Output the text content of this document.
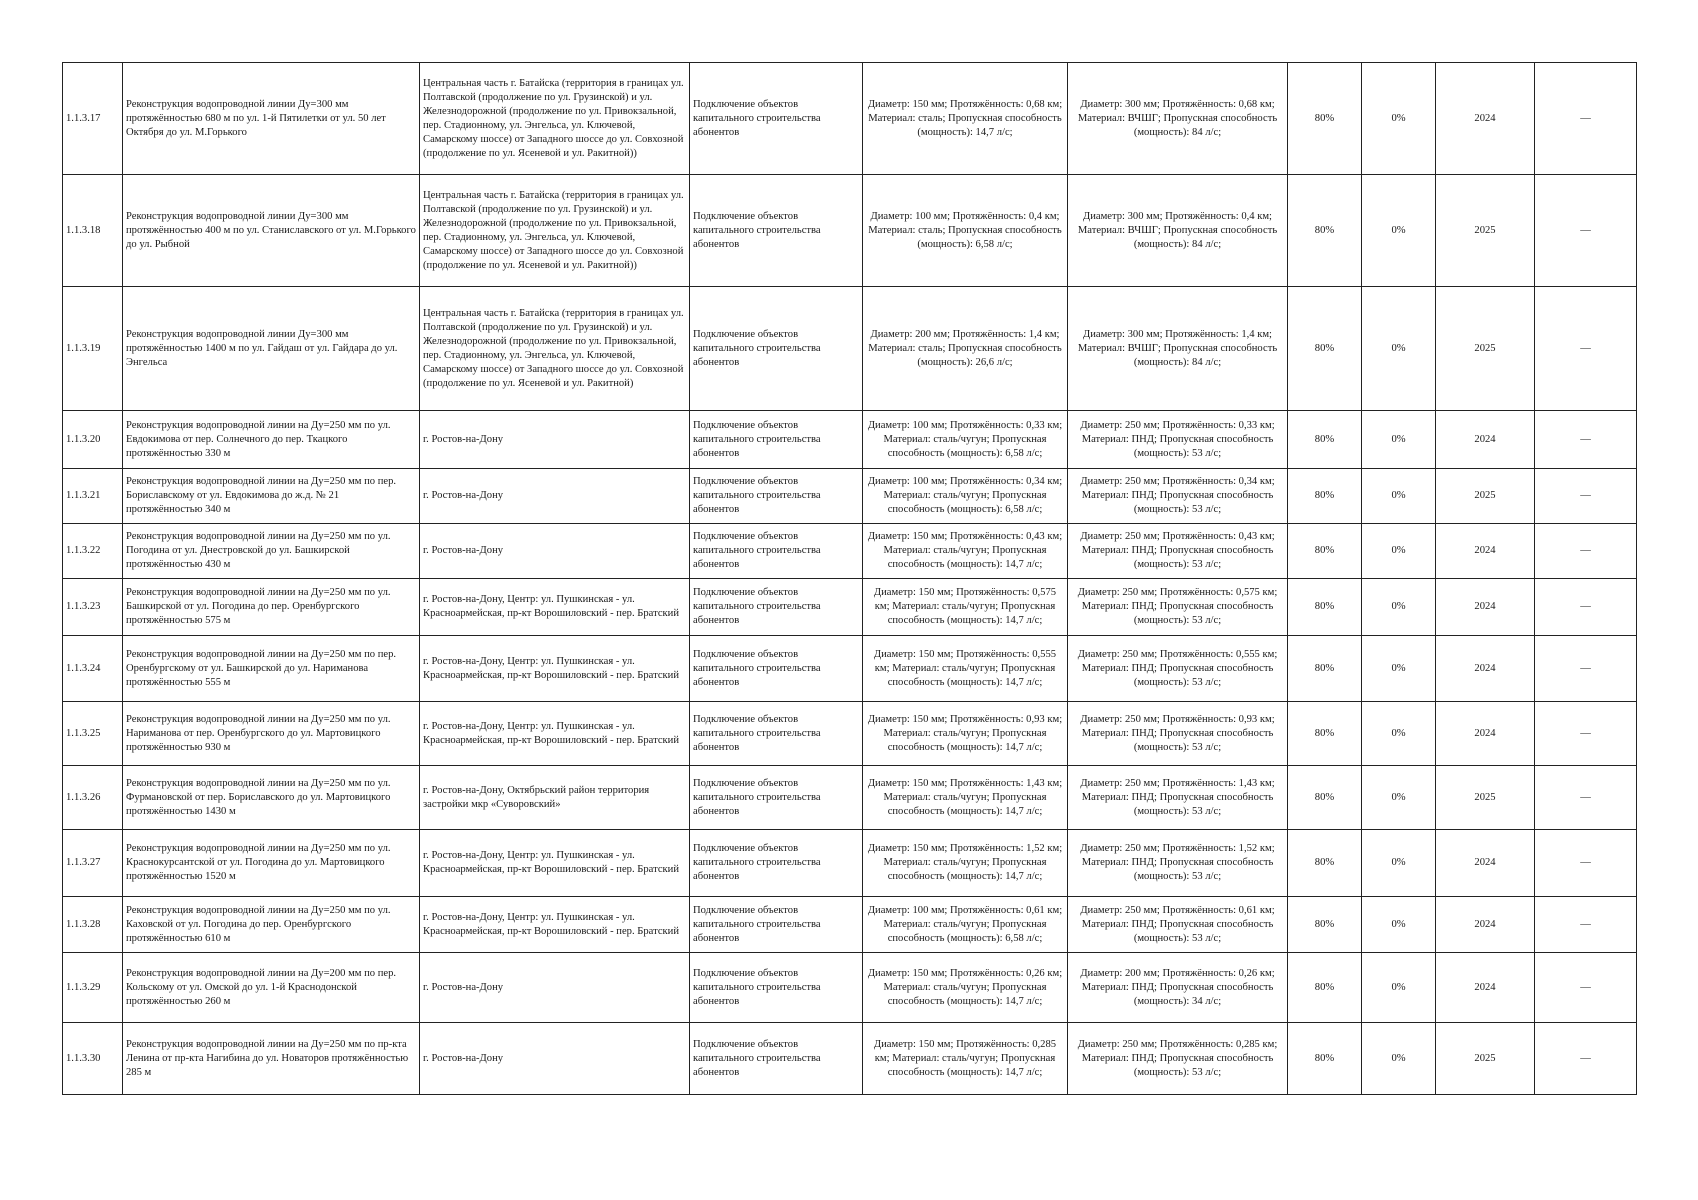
1.1.3.17	Реконструкция водопроводной линии Ду=300 мм протяжённостью 680 м по ул. 1-й Пятилетки от ул. 50 лет Октября до ул. М.Горького	Центральная часть г. Батайска (территория в границах ул. Полтавской (продолжение по ул. Грузинской) и ул. Железнодорожной (продолжение по ул. Привокзальной, пер. Стадионному, ул. Энгельса, ул. Ключевой, Самарскому шоссе) от Западного шоссе до ул. Совхозной (продолжение по ул. Ясеневой и ул. Ракитной))	Подключение объектов капитального строительства абонентов	Диаметр: 150 мм; Протяжённость: 0,68 км; Материал: сталь; Пропускная способность (мощность): 14,7 л/с;	Диаметр: 300 мм; Протяжённость: 0,68 км; Материал: ВЧШГ; Пропускная способность (мощность): 84 л/с;	80%	0%	2024	—
1.1.3.18	Реконструкция водопроводной линии Ду=300 мм протяжённостью 400 м по ул. Станиславского от ул. М.Горького до ул. Рыбной	Центральная часть г. Батайска (территория в границах ул. Полтавской (продолжение по ул. Грузинской) и ул. Железнодорожной (продолжение по ул. Привокзальной, пер. Стадионному, ул. Энгельса, ул. Ключевой, Самарскому шоссе) от Западного шоссе до ул. Совхозной (продолжение по ул. Ясеневой и ул. Ракитной))	Подключение объектов капитального строительства абонентов	Диаметр: 100 мм; Протяжённость: 0,4 км; Материал: сталь; Пропускная способность (мощность): 6,58 л/с;	Диаметр: 300 мм; Протяжённость: 0,4 км; Материал: ВЧШГ; Пропускная способность (мощность): 84 л/с;	80%	0%	2025	—
1.1.3.19	Реконструкция водопроводной линии Ду=300 мм протяжённостью 1400 м по ул. Гайдаш от ул. Гайдара до ул. Энгельса	Центральная часть г. Батайска (территория в границах ул. Полтавской (продолжение по ул. Грузинской) и ул. Железнодорожной (продолжение по ул. Привокзальной, пер. Стадионному, ул. Энгельса, ул. Ключевой, Самарскому шоссе) от Западного шоссе до ул. Совхозной (продолжение по ул. Ясеневой и ул. Ракитной)	Подключение объектов капитального строительства абонентов	Диаметр: 200 мм; Протяжённость: 1,4 км; Материал: сталь; Пропускная способность (мощность): 26,6 л/с;	Диаметр: 300 мм; Протяжённость: 1,4 км; Материал: ВЧШГ; Пропускная способность (мощность): 84 л/с;	80%	0%	2025	—
1.1.3.20	Реконструкция водопроводной линии на Ду=250 мм по ул. Евдокимова от пер. Солнечного до пер. Ткацкого протяжённостью 330 м	г. Ростов-на-Дону	Подключение объектов капитального строительства абонентов	Диаметр: 100 мм; Протяжённость: 0,33 км; Материал: сталь/чугун; Пропускная способность (мощность): 6,58 л/с;	Диаметр: 250 мм; Протяжённость: 0,33 км; Материал: ПНД; Пропускная способность (мощность): 53 л/с;	80%	0%	2024	—
1.1.3.21	Реконструкция водопроводной линии на Ду=250 мм по пер. Бориславскому от ул. Евдокимова до ж.д. № 21 протяжённостью 340 м	г. Ростов-на-Дону	Подключение объектов капитального строительства абонентов	Диаметр: 100 мм; Протяжённость: 0,34 км; Материал: сталь/чугун; Пропускная способность (мощность): 6,58 л/с;	Диаметр: 250 мм; Протяжённость: 0,34 км; Материал: ПНД; Пропускная способность (мощность): 53 л/с;	80%	0%	2025	—
1.1.3.22	Реконструкция водопроводной линии на Ду=250 мм по ул. Погодина от ул. Днестровской до ул. Башкирской протяжённостью 430 м	г. Ростов-на-Дону	Подключение объектов капитального строительства абонентов	Диаметр: 150 мм; Протяжённость: 0,43 км; Материал: сталь/чугун; Пропускная способность (мощность): 14,7 л/с;	Диаметр: 250 мм; Протяжённость: 0,43 км; Материал: ПНД; Пропускная способность (мощность): 53 л/с;	80%	0%	2024	—
1.1.3.23	Реконструкция водопроводной линии на Ду=250 мм по ул. Башкирской от ул. Погодина до пер. Оренбургского протяжённостью 575 м	г. Ростов-на-Дону, Центр: ул. Пушкинская - ул. Красноармейская, пр-кт Ворошиловский - пер. Братский	Подключение объектов капитального строительства абонентов	Диаметр: 150 мм; Протяжённость: 0,575 км; Материал: сталь/чугун; Пропускная способность (мощность): 14,7 л/с;	Диаметр: 250 мм; Протяжённость: 0,575 км; Материал: ПНД; Пропускная способность (мощность): 53 л/с;	80%	0%	2024	—
1.1.3.24	Реконструкция водопроводной линии на Ду=250 мм по пер. Оренбургскому от ул. Башкирской до ул. Нариманова протяжённостью 555 м	г. Ростов-на-Дону, Центр: ул. Пушкинская - ул. Красноармейская, пр-кт Ворошиловский - пер. Братский	Подключение объектов капитального строительства абонентов	Диаметр: 150 мм; Протяжённость: 0,555 км; Материал: сталь/чугун; Пропускная способность (мощность): 14,7 л/с;	Диаметр: 250 мм; Протяжённость: 0,555 км; Материал: ПНД; Пропускная способность (мощность): 53 л/с;	80%	0%	2024	—
1.1.3.25	Реконструкция водопроводной линии на Ду=250 мм по ул. Нариманова от пер. Оренбургского до ул. Мартовицкого протяжённостью 930 м	г. Ростов-на-Дону, Центр: ул. Пушкинская - ул. Красноармейская, пр-кт Ворошиловский - пер. Братский	Подключение объектов капитального строительства абонентов	Диаметр: 150 мм; Протяжённость: 0,93 км; Материал: сталь/чугун; Пропускная способность (мощность): 14,7 л/с;	Диаметр: 250 мм; Протяжённость: 0,93 км; Материал: ПНД; Пропускная способность (мощность): 53 л/с;	80%	0%	2024	—
1.1.3.26	Реконструкция водопроводной линии на Ду=250 мм по ул. Фурмановской от пер. Бориславского до ул. Мартовицкого протяжённостью 1430 м	г. Ростов-на-Дону, Октябрьский район территория застройки мкр «Суворовский»	Подключение объектов капитального строительства абонентов	Диаметр: 150 мм; Протяжённость: 1,43 км; Материал: сталь/чугун; Пропускная способность (мощность): 14,7 л/с;	Диаметр: 250 мм; Протяжённость: 1,43 км; Материал: ПНД; Пропускная способность (мощность): 53 л/с;	80%	0%	2025	—
1.1.3.27	Реконструкция водопроводной линии на Ду=250 мм по ул. Краснокурсантской от ул. Погодина до ул. Мартовицкого протяжённостью 1520 м	г. Ростов-на-Дону, Центр: ул. Пушкинская - ул. Красноармейская, пр-кт Ворошиловский - пер. Братский	Подключение объектов капитального строительства абонентов	Диаметр: 150 мм; Протяжённость: 1,52 км; Материал: сталь/чугун; Пропускная способность (мощность): 14,7 л/с;	Диаметр: 250 мм; Протяжённость: 1,52 км; Материал: ПНД; Пропускная способность (мощность): 53 л/с;	80%	0%	2024	—
1.1.3.28	Реконструкция водопроводной линии на Ду=250 мм по ул. Каховской от ул. Погодина до пер. Оренбургского протяжённостью 610 м	г. Ростов-на-Дону, Центр: ул. Пушкинская - ул. Красноармейская, пр-кт Ворошиловский - пер. Братский	Подключение объектов капитального строительства абонентов	Диаметр: 100 мм; Протяжённость: 0,61 км; Материал: сталь/чугун; Пропускная способность (мощность): 6,58 л/с;	Диаметр: 250 мм; Протяжённость: 0,61 км; Материал: ПНД; Пропускная способность (мощность): 53 л/с;	80%	0%	2024	—
1.1.3.29	Реконструкция водопроводной линии на Ду=200 мм по пер. Кольскому от ул. Омской до ул. 1-й Краснодонской протяжённостью 260 м	г. Ростов-на-Дону	Подключение объектов капитального строительства абонентов	Диаметр: 150 мм; Протяжённость: 0,26 км; Материал: сталь/чугун; Пропускная способность (мощность): 14,7 л/с;	Диаметр: 200 мм; Протяжённость: 0,26 км; Материал: ПНД; Пропускная способность (мощность): 34 л/с;	80%	0%	2024	—
1.1.3.30	Реконструкция водопроводной линии на Ду=250 мм по пр-кта Ленина от пр-кта Нагибина до ул. Новаторов протяжённостью 285 м	г. Ростов-на-Дону	Подключение объектов капитального строительства абонентов	Диаметр: 150 мм; Протяжённость: 0,285 км; Материал: сталь/чугун; Пропускная способность (мощность): 14,7 л/с;	Диаметр: 250 мм; Протяжённость: 0,285 км; Материал: ПНД; Пропускная способность (мощность): 53 л/с;	80%	0%	2025	—
